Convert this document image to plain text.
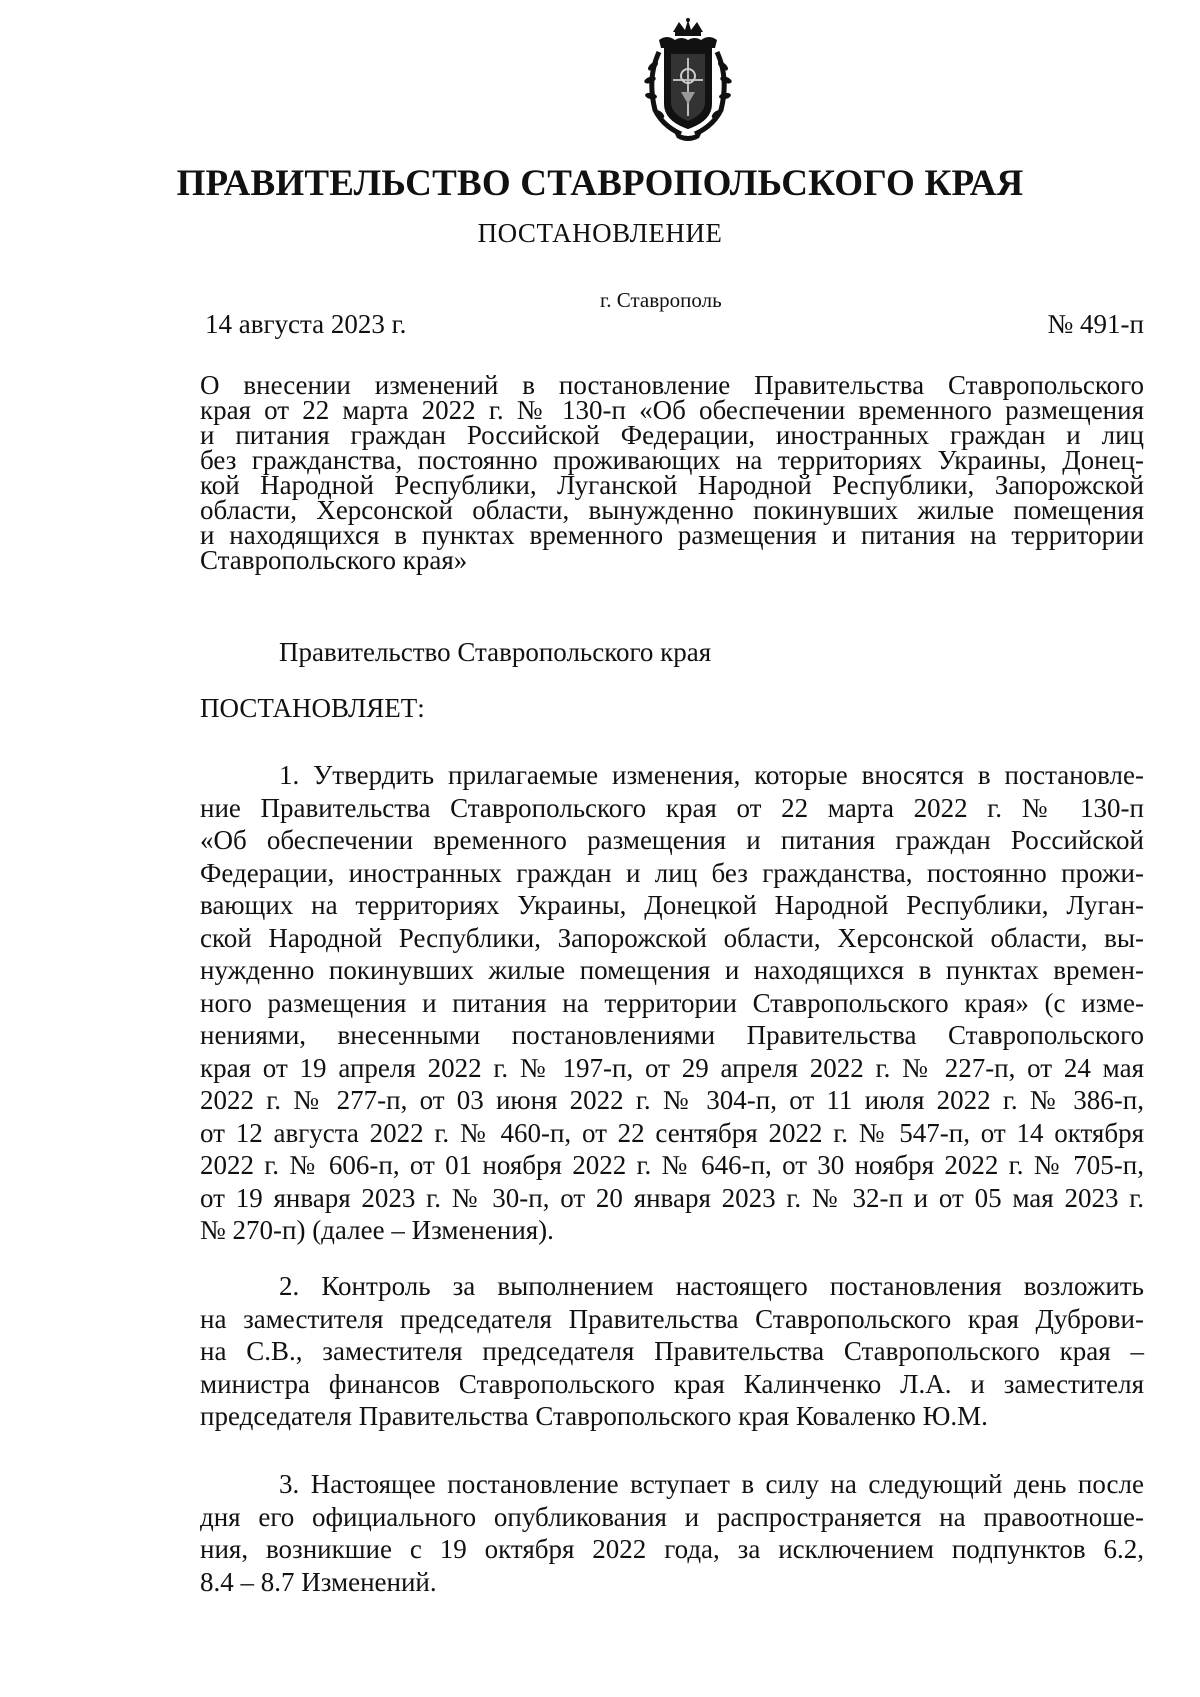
ПРАВИТЕЛЬСТВО СТАВРОПОЛЬСКОГО КРАЯ
ПОСТАНОВЛЕНИЕ
г. Ставрополь
14 августа 2023 г.	№ 491-п
О внесении изменений в постановление Правительства Ставропольского
края от 22 марта 2022 г. № 130-п «Об обеспечении временного размещения
и питания граждан Российской Федерации, иностранных граждан и лиц
без гражданства, постоянно проживающих на территориях Украины, Донец-
кой Народной Республики, Луганской Народной Республики, Запорожской
области, Херсонской области, вынужденно покинувших жилые помещения
и находящихся в пунктах временного размещения и питания на территории
Ставропольского края»
Правительство Ставропольского края
ПОСТАНОВЛЯЕТ:
1. Утвердить прилагаемые изменения, которые вносятся в постановле-
ние Правительства Ставропольского края от 22 марта 2022 г. № 130-п
«Об обеспечении временного размещения и питания граждан Российской
Федерации, иностранных граждан и лиц без гражданства, постоянно прожи-
вающих на территориях Украины, Донецкой Народной Республики, Луган-
ской Народной Республики, Запорожской области, Херсонской области, вы-
нужденно покинувших жилые помещения и находящихся в пунктах времен-
ного размещения и питания на территории Ставропольского края» (с изме-
нениями, внесенными постановлениями Правительства Ставропольского
края от 19 апреля 2022 г. № 197-п, от 29 апреля 2022 г. № 227-п, от 24 мая
2022 г. № 277-п, от 03 июня 2022 г. № 304-п, от 11 июля 2022 г. № 386-п,
от 12 августа 2022 г. № 460-п, от 22 сентября 2022 г. № 547-п, от 14 октября
2022 г. № 606-п, от 01 ноября 2022 г. № 646-п, от 30 ноября 2022 г. № 705-п,
от 19 января 2023 г. № 30-п, от 20 января 2023 г. № 32-п и от 05 мая 2023 г.
№ 270-п) (далее – Изменения).
2. Контроль за выполнением настоящего постановления возложить
на заместителя председателя Правительства Ставропольского края Дуброви-
на С.В., заместителя председателя Правительства Ставропольского края –
министра финансов Ставропольского края Калинченко Л.А. и заместителя
председателя Правительства Ставропольского края Коваленко Ю.М.
3. Настоящее постановление вступает в силу на следующий день после
дня его официального опубликования и распространяется на правоотноше-
ния, возникшие с 19 октября 2022 года, за исключением подпунктов 6.2,
8.4 – 8.7 Изменений.
